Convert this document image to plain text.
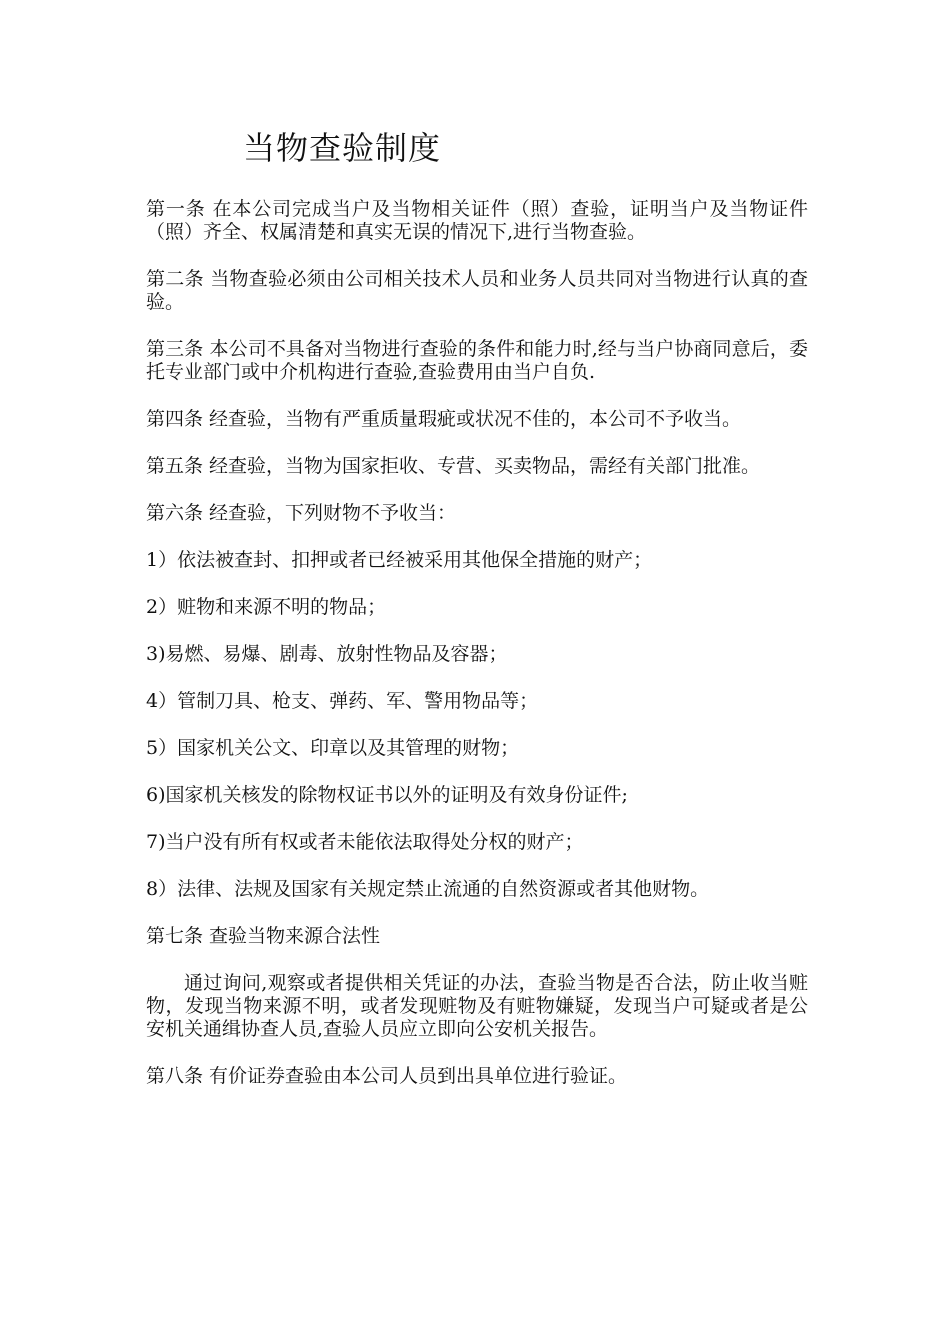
当物查验制度

第一条 在本公司完成当户及当物相关证件（照）查验，证明当户及当物证件（照）齐全、权属清楚和真实无误的情况下,进行当物查验。

第二条 当物查验必须由公司相关技术人员和业务人员共同对当物进行认真的查验。

第三条 本公司不具备对当物进行查验的条件和能力时,经与当户协商同意后，委托专业部门或中介机构进行查验,查验费用由当户自负.

第四条 经查验，当物有严重质量瑕疵或状况不佳的，本公司不予收当。

第五条 经查验，当物为国家拒收、专营、买卖物品，需经有关部门批准。

第六条 经查验，下列财物不予收当：

1）依法被查封、扣押或者已经被采用其他保全措施的财产；

2）赃物和来源不明的物品；

3)易燃、易爆、剧毒、放射性物品及容器；

4）管制刀具、枪支、弹药、军、警用物品等；

5）国家机关公文、印章以及其管理的财物；

6)国家机关核发的除物权证书以外的证明及有效身份证件;

7)当户没有所有权或者未能依法取得处分权的财产；

8）法律、法规及国家有关规定禁止流通的自然资源或者其他财物。

第七条 查验当物来源合法性

通过询问,观察或者提供相关凭证的办法，查验当物是否合法，防止收当赃物，发现当物来源不明，或者发现赃物及有赃物嫌疑，发现当户可疑或者是公安机关通缉协查人员,查验人员应立即向公安机关报告。

第八条 有价证券查验由本公司人员到出具单位进行验证。
